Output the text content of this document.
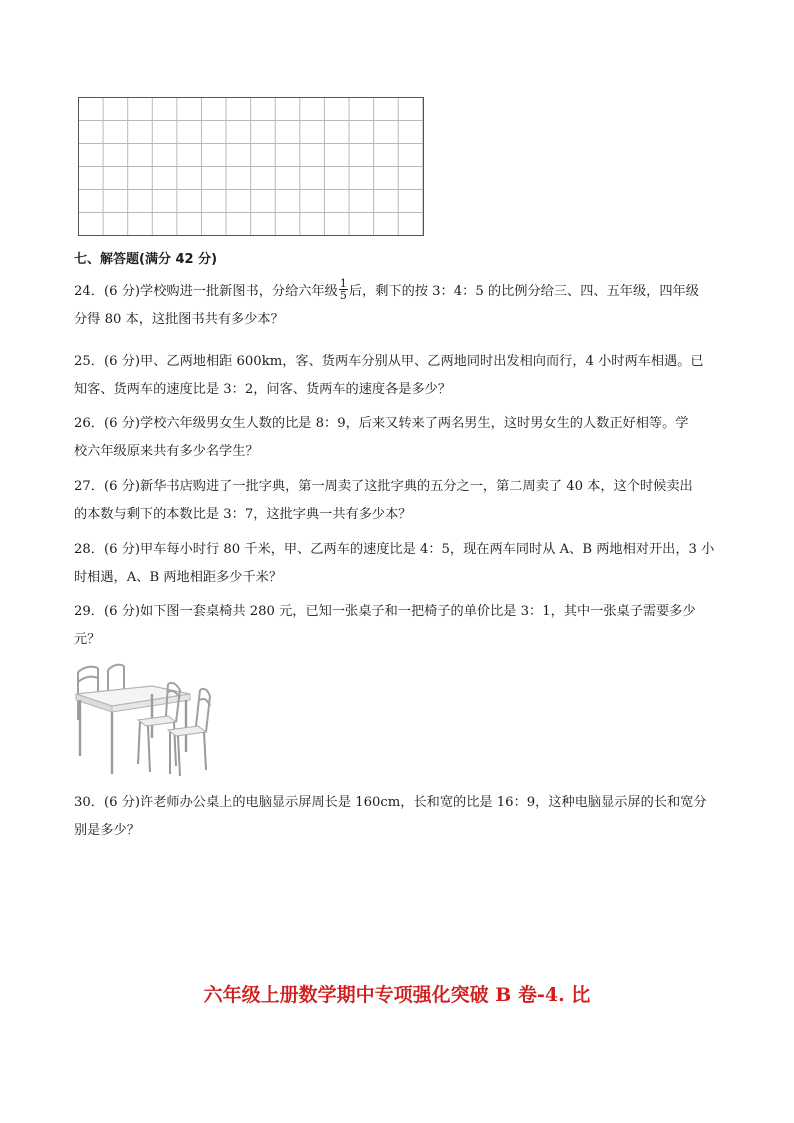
七、解答题(满分 42 分)
24．(6 分)学校购进一批新图书，分给六年级 $\frac{1}{5}$ 后，剩下的按 3：4：5 的比例分给三、四、五年级，四年级
分得 80 本，这批图书共有多少本？
25．(6 分)甲、乙两地相距 600km，客、货两车分别从甲、乙两地同时出发相向而行，4 小时两车相遇。已
知客、货两车的速度比是 3：2，问客、货两车的速度各是多少？
26．(6 分)学校六年级男女生人数的比是 8：9，后来又转来了两名男生，这时男女生的人数正好相等。学
校六年级原来共有多少名学生？
27．(6 分)新华书店购进了一批字典，第一周卖了这批字典的五分之一，第二周卖了 40 本，这个时候卖出
的本数与剩下的本数比是 3：7，这批字典一共有多少本？
28．(6 分)甲车每小时行 80 千米，甲、乙两车的速度比是 4：5，现在两车同时从 A、B 两地相对开出，3 小
时相遇，A、B 两地相距多少千米？
29．(6 分)如下图一套桌椅共 280 元，已知一张桌子和一把椅子的单价比是 3：1，其中一张桌子需要多少
元？
30．(6 分)许老师办公桌上的电脑显示屏周长是 160cm，长和宽的比是 16：9，这种电脑显示屏的长和宽分
别是多少？
六年级上册数学期中专项强化突破 B 卷-4. 比
